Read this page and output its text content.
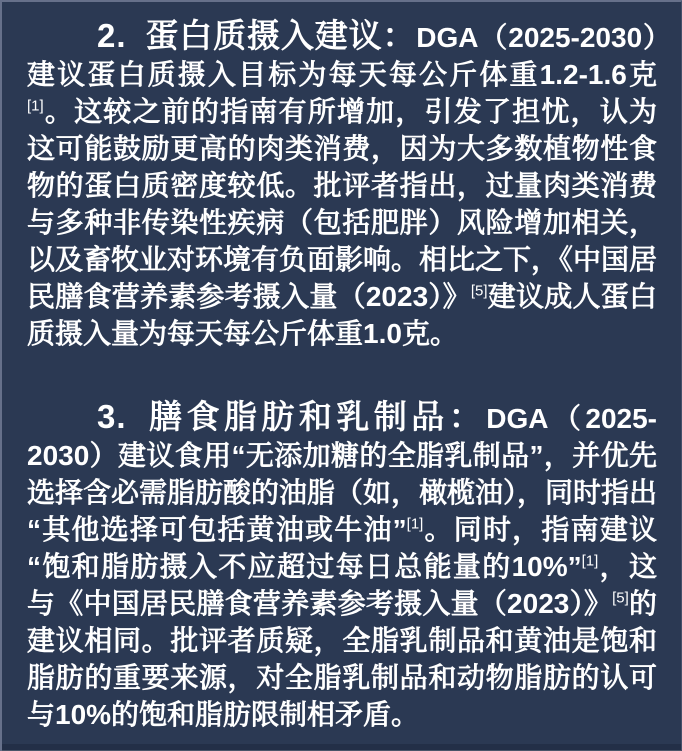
2. 蛋白质摄入建议：DGA（2025-2030）建议蛋白质摄入目标为每天每公斤体重1.2-1.6克[1]。这较之前的指南有所增加，引发了担忧，认为这可能鼓励更高的肉类消费，因为大多数植物性食物的蛋白质密度较低。批评者指出，过量肉类消费与多种非传染性疾病（包括肥胖）风险增加相关，以及畜牧业对环境有负面影响。相比之下，《中国居民膳食营养素参考摄入量（2023）》[5]建议成人蛋白质摄入量为每天每公斤体重1.0克。

3. 膳食脂肪和乳制品：DGA（2025-2030）建议食用“无添加糖的全脂乳制品”，并优先选择含必需脂肪酸的油脂（如，橄榄油），同时指出“其他选择可包括黄油或牛油”[1]。同时，指南建议“饱和脂肪摄入不应超过每日总能量的10%”[1]，这与《中国居民膳食营养素参考摄入量（2023）》[5]的建议相同。批评者质疑，全脂乳制品和黄油是饱和脂肪的重要来源，对全脂乳制品和动物脂肪的认可与10%的饱和脂肪限制相矛盾。
